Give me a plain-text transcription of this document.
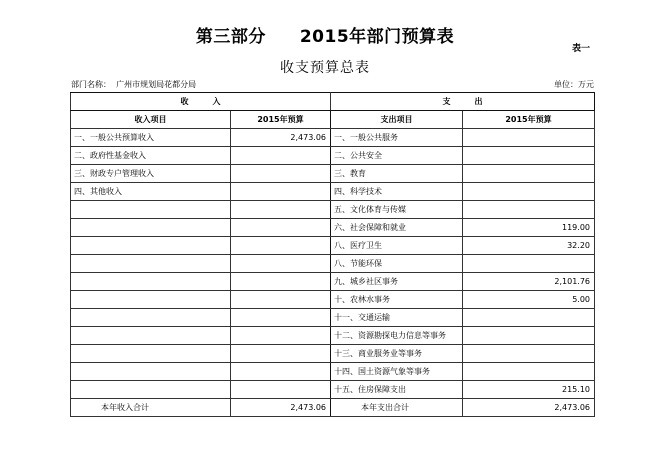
第三部分 2015年部门预算表
表一
收支预算总表
部门名称： 广州市规划局花都分局	单位：万元
收　　　入		支　　　出	
收入项目	2015年预算	支出项目	2015年预算
一、一般公共预算收入	2,473.06	一、一般公共服务	
二、政府性基金收入		二、公共安全	
三、财政专户管理收入		三、教育	
四、其他收入		四、科学技术	
		五、文化体育与传媒	
		六、社会保障和就业	119.00
		八、医疗卫生	32.20
		八、节能环保	
		九、城乡社区事务	2,101.76
		十、农林水事务	5.00
		十一、交通运输	
		十二、资源勘探电力信息等事务	
		十三、商业服务业等事务	
		十四、国土资源气象等事务	
		十五、住房保障支出	215.10
本年收入合计	2,473.06	本年支出合计	2,473.06
